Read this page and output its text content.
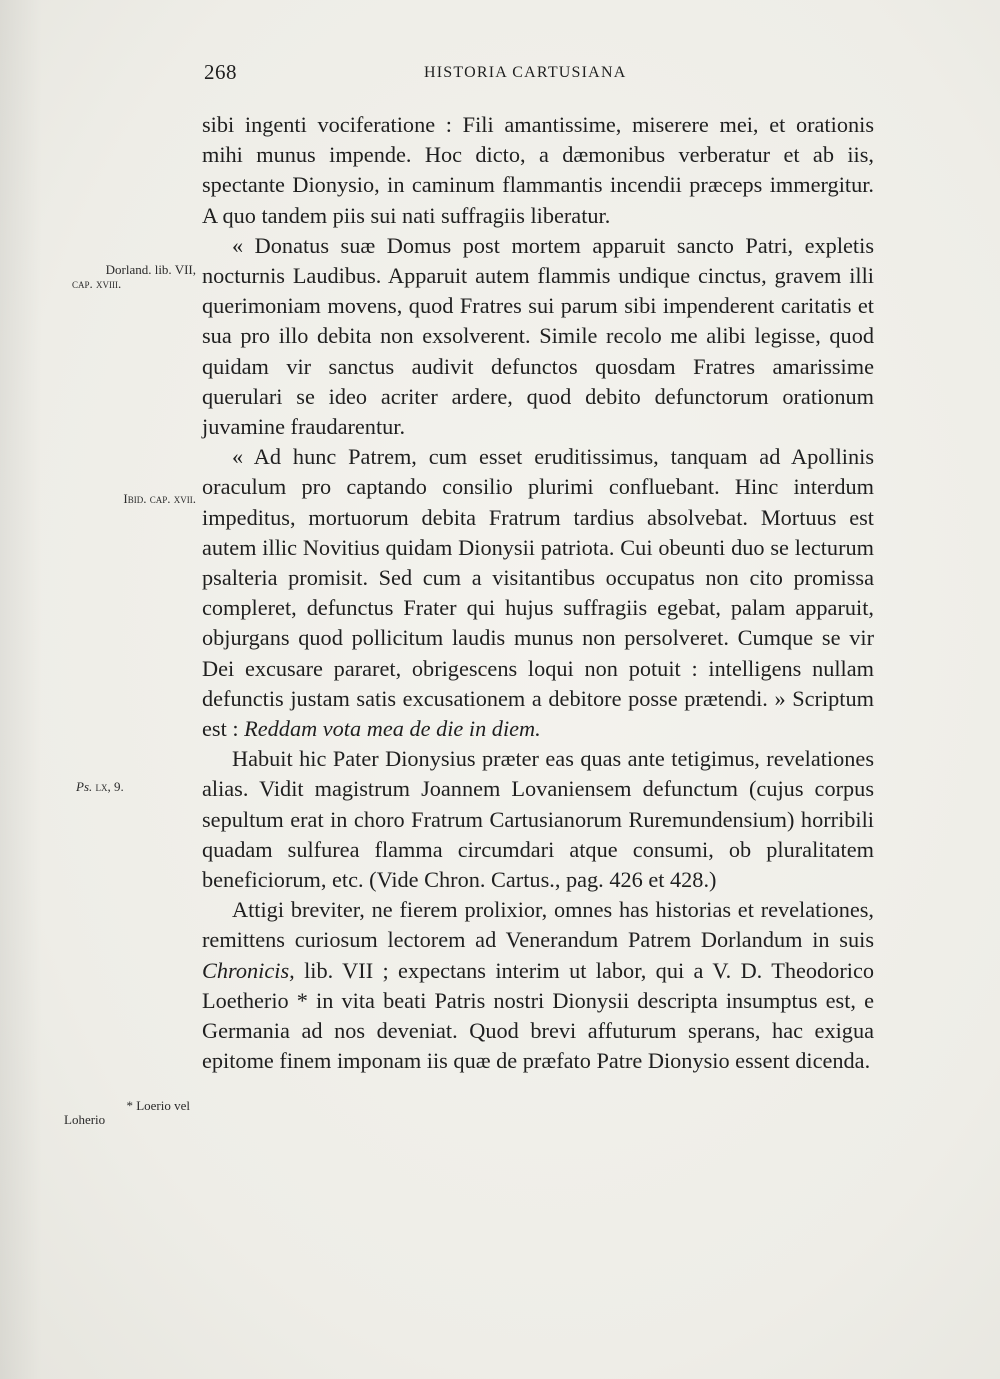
268	HISTORIA CARTUSIANA
Dorland. lib. VII,
cap. xviii.
Ibid. cap. xvii.
Ps. lx, 9.
* Loerio vel
Loherio

sibi ingenti vociferatione : Fili amantissime, miserere mei, et orationis mihi munus impende. Hoc dicto, a dæmonibus verberatur et ab iis, spectante Dionysio, in caminum flammantis incendii præceps immergitur. A quo tandem piis sui nati suffragiis liberatur.

« Donatus suæ Domus post mortem apparuit sancto Patri, expletis nocturnis Laudibus. Apparuit autem flammis undique cinctus, gravem illi querimoniam movens, quod Fratres sui parum sibi impenderent caritatis et sua pro illo debita non exsolverent. Simile recolo me alibi legisse, quod quidam vir sanctus audivit defunctos quosdam Fratres amarissime querulari se ideo acriter ardere, quod debito defunctorum orationum juvamine fraudarentur.

« Ad hunc Patrem, cum esset eruditissimus, tanquam ad Apollinis oraculum pro captando consilio plurimi confluebant. Hinc interdum impeditus, mortuorum debita Fratrum tardius absolvebat. Mortuus est autem illic Novitius quidam Dionysii patriota. Cui obeunti duo se lecturum psalteria promisit. Sed cum a visitantibus occupatus non cito promissa compleret, defunctus Frater qui hujus suffragiis egebat, palam apparuit, objurgans quod pollicitum laudis munus non persolveret. Cumque se vir Dei excusare pararet, obrigescens loqui non potuit : intelligens nullam defunctis justam satis excusationem a debitore posse prætendi. » Scriptum est : Reddam vota mea de die in diem.

Habuit hic Pater Dionysius præter eas quas ante tetigimus, revelationes alias. Vidit magistrum Joannem Lovaniensem defunctum (cujus corpus sepultum erat in choro Fratrum Cartusianorum Ruremundensium) horribili quadam sulfurea flamma circumdari atque consumi, ob pluralitatem beneficiorum, etc. (Vide Chron. Cartus., pag. 426 et 428.)

Attigi breviter, ne fierem prolixior, omnes has historias et revelationes, remittens curiosum lectorem ad Venerandum Patrem Dorlandum in suis Chronicis, lib. VII ; expectans interim ut labor, qui a V. D. Theodorico Loetherio * in vita beati Patris nostri Dionysii descripta insumptus est, e Germania ad nos deveniat. Quod brevi affuturum sperans, hac exigua epitome finem imponam iis quæ de præfato Patre Dionysio essent dicenda.
